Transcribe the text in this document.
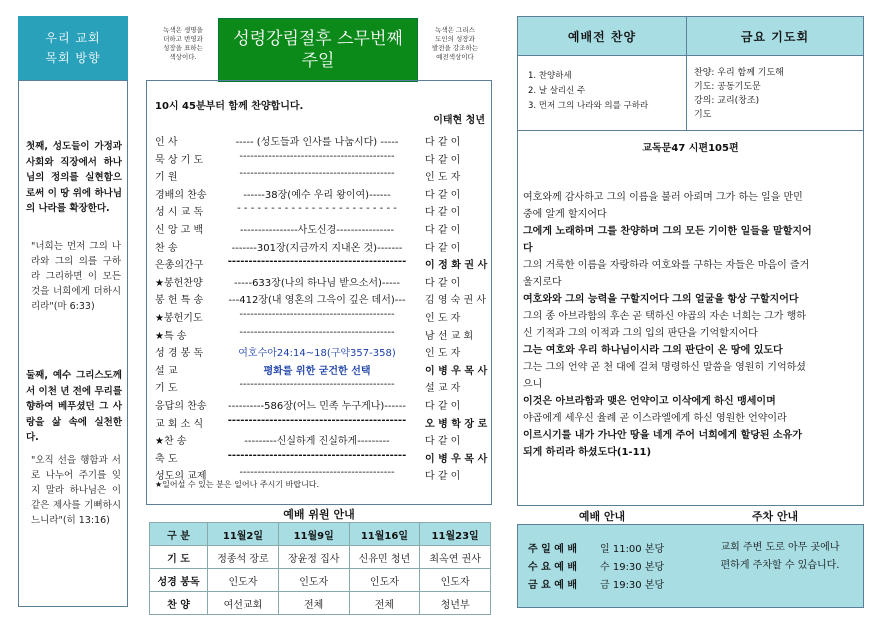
우리 교회
목회 방향
첫째, 성도들이 가정과 사회와 직장에서 하나님의 정의를 실현함으로써 이 땅 위에 하나님의 나라를 확장한다.
"너희는 먼저 그의 나라와 그의 의를 구하라 그리하면 이 모든 것을 너희에게 더하시리라"(마 6:33)
둘째, 예수 그리스도께서 이천 년 전에 무리를 향하여 베푸셨던 그 사랑을 삶 속에 실천한다.
"오직 선을 행함과 서로 나누어 주기를 잊지 말라 하나님은 이 같은 제사를 기뻐하시느니라"(히 13:16)
녹색은 생명을
더하고 번영과
성장을 표하는
색상이다.
성령강림절후 스무번째
주일
녹색은 그리스
도인의 성장과
발전을 강조하는
예전색상이다
10시 45분부터 함께 찬양합니다.
이태현 청년
인 사	----- (성도들과 인사를 나눕시다) -----	다 같 이
묵 상 기 도	-------------------------------------------	다 같 이
기 원	-------------------------------------------	인 도 자
경배의 찬송	------38장(예수 우리 왕이여)------	다 같 이
성 시 교 독	- - - - - - - - - - - - - - - - - - - - - - - -	다 같 이
신 앙 고 백	----------------사도신경----------------	다 같 이
찬 송	-------301장(지금까지 지내온 것)-------	다 같 이
은총의간구	-------------------------------------------	이 정 화 권 사
★봉헌찬양	-----633장(나의 하나님 받으소서)-----	다 같 이
봉 헌 특 송	---412장(내 영혼의 그윽이 깊은 데서)---	김 영 숙 권 사
★봉헌기도	-------------------------------------------	인 도 자
★특 송	-------------------------------------------	남 선 교 회
성 경 봉 독	여호수아24:14~18(구약357-358)	인 도 자
설 교	평화를 위한 굳건한 선택	이 병 우 목 사
기 도	-------------------------------------------	설 교 자
응답의 찬송	----------586장(어느 민족 누구게나)------	다 같 이
교 회 소 식	-------------------------------------------	오 병 학 장 로
★찬 송	---------신실하게 진실하게---------	다 같 이
축 도	-------------------------------------------	이 병 우 목 사
성도의 교제	-------------------------------------------	다 같 이
★일어설 수 있는 분은 일어나 주시기 바랍니다.
예배 위원 안내
구 분	11월2일	11월9일	11월16일	11월23일
기 도	정종석 장로	장윤정 집사	신유민 청년	최옥연 권사
성경 봉독	인도자	인도자	인도자	인도자
찬 양	여선교회	전체	전체	청년부
예배전 찬양	금요 기도회
1. 찬양하세
2. 날 살리신 주
3. 먼저 그의 나라와 의를 구하라
찬양: 우리 함께 기도해
기도: 공동기도문
강의: 교리(창조)
기도
교독문47 시편105편
여호와께 감사하고 그의 이름을 불러 아뢰며 그가 하는 일을 만민
중에 알게 할지어다
그에게 노래하며 그를 찬양하며 그의 모든 기이한 일들을 말할지어
다
그의 거룩한 이름을 자랑하라 여호와를 구하는 자들은 마음이 즐거
울지로다
여호와와 그의 능력을 구할지어다 그의 얼굴을 항상 구할지어다
그의 종 아브라함의 후손 곧 택하신 야곱의 자손 너희는 그가 행하
신 기적과 그의 이적과 그의 입의 판단을 기억할지어다
그는 여호와 우리 하나님이시라 그의 판단이 온 땅에 있도다
그는 그의 언약 곧 천 대에 걸쳐 명령하신 말씀을 영원히 기억하셨
으니
이것은 아브라함과 맺은 언약이고 이삭에게 하신 맹세이며
야곱에게 세우신 율례 곧 이스라엘에게 하신 영원한 언약이라
이르시기를 내가 가나안 땅을 네게 주어 너희에게 할당된 소유가
되게 하리라 하셨도다(1-11)
예배 안내	주차 안내
주 일 예 배 일 11:00 본당
수 요 예 배 수 19:30 본당
금 요 예 배 금 19:30 본당
교회 주변 도로 아무 곳에나
편하게 주차할 수 있습니다.
